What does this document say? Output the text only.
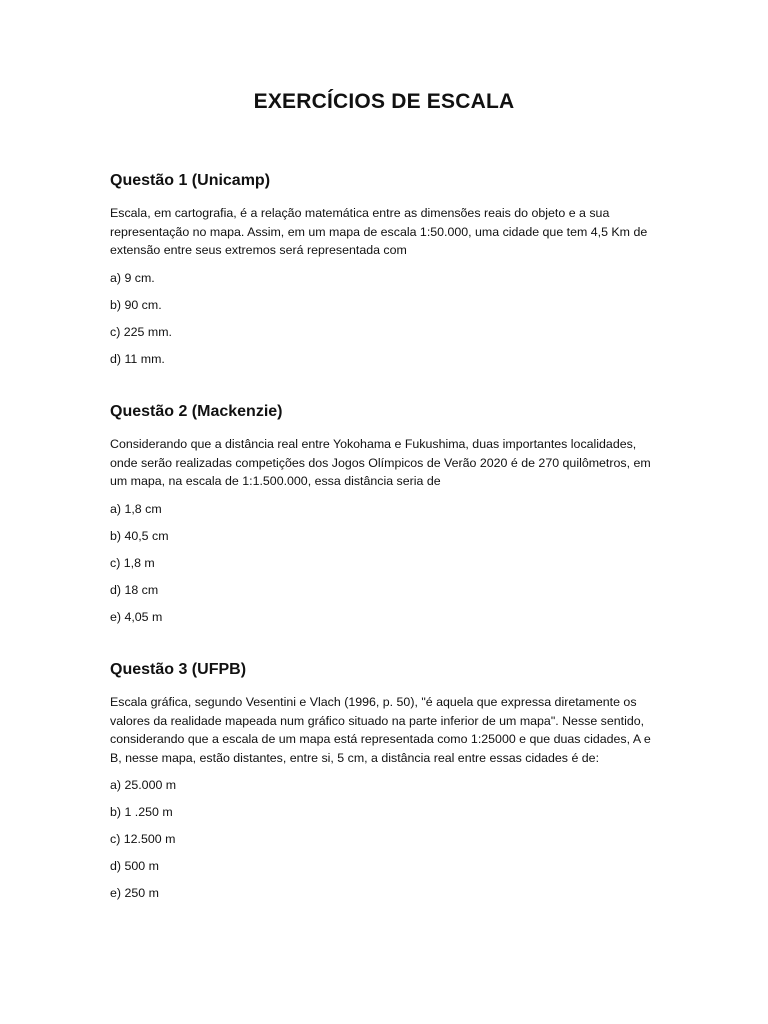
EXERCÍCIOS DE ESCALA
Questão 1 (Unicamp)

Escala, em cartografia, é a relação matemática entre as dimensões reais do objeto e a sua representação no mapa. Assim, em um mapa de escala 1:50.000, uma cidade que tem 4,5 Km de extensão entre seus extremos será representada com

a) 9 cm.
b) 90 cm.
c) 225 mm.
d) 11 mm.
Questão 2 (Mackenzie)

Considerando que a distância real entre Yokohama e Fukushima, duas importantes localidades, onde serão realizadas competições dos Jogos Olímpicos de Verão 2020 é de 270 quilômetros, em um mapa, na escala de 1:1.500.000, essa distância seria de

a) 1,8 cm
b) 40,5 cm
c) 1,8 m
d) 18 cm
e) 4,05 m
Questão 3 (UFPB)

Escala gráfica, segundo Vesentini e Vlach (1996, p. 50), "é aquela que expressa diretamente os valores da realidade mapeada num gráfico situado na parte inferior de um mapa". Nesse sentido, considerando que a escala de um mapa está representada como 1:25000 e que duas cidades, A e B, nesse mapa, estão distantes, entre si, 5 cm, a distância real entre essas cidades é de:

a) 25.000 m
b) 1 .250 m
c) 12.500 m
d) 500 m
e) 250 m
